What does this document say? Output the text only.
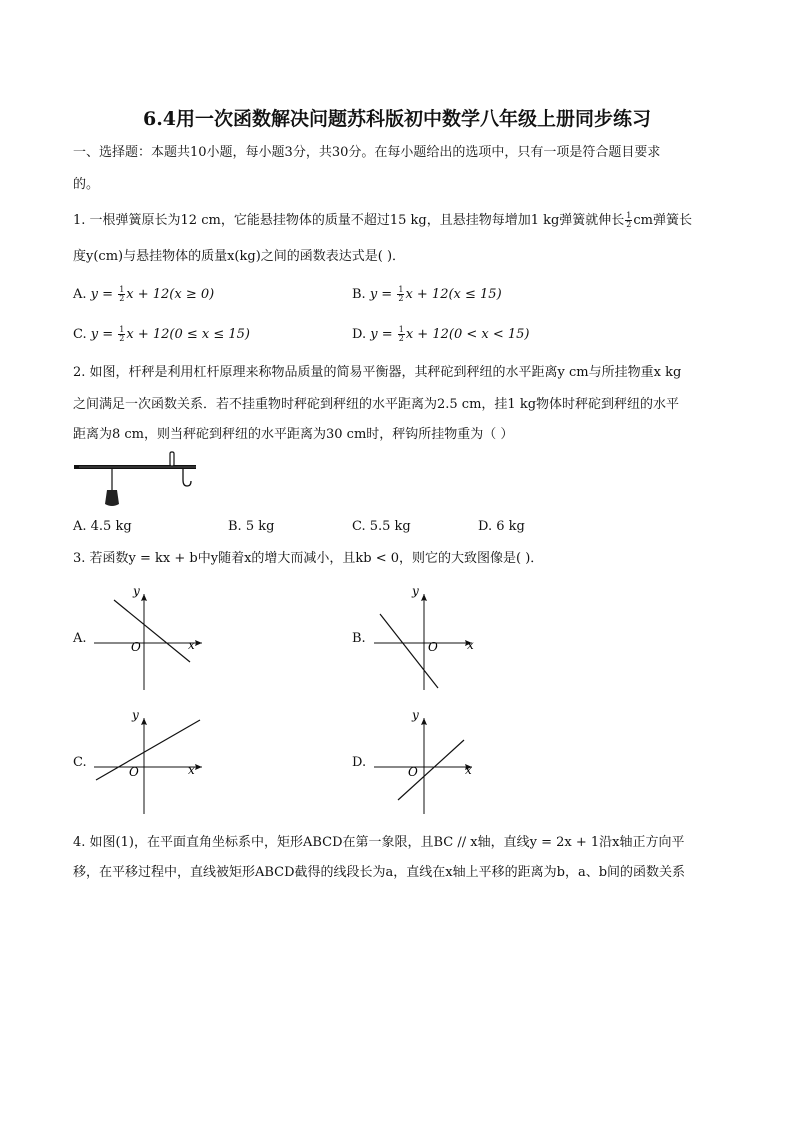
6.4用一次函数解决问题苏科版初中数学八年级上册同步练习
一、选择题：本题共10小题，每小题3分，共30分。在每小题给出的选项中，只有一项是符合题目要求
的。
1. 一根弹簧原长为12 cm，它能悬挂物体的质量不超过15 kg，且悬挂物每增加1 kg弹簧就伸长 $\frac{1}{2}$ cm弹簧长
度y(cm)与悬挂物体的质量x(kg)之间的函数表达式是( )．
A. $y = \frac{1}{2}$ x + 12(x ≥ 0)	B. $y = \frac{1}{2}$ x + 12(x ≤ 15)
C. $y = \frac{1}{2}$ x + 12(0 ≤ x ≤ 15)	D. $y = \frac{1}{2}$ x + 12(0 < x < 15)
2. 如图，杆秤是利用杠杆原理来称物品质量的简易平衡器，其秤砣到秤纽的水平距离y cm与所挂物重x kg
之间满足一次函数关系．若不挂重物时秤砣到秤纽的水平距离为2.5 cm，挂1 kg物体时秤砣到秤纽的水平
距离为8 cm，则当秤砣到秤纽的水平距离为30 cm时，秤钩所挂物重为（ ）
A. 4.5 kg	B. 5 kg	C. 5.5 kg	D. 6 kg
3. 若函数y = kx + b中y随着x的增大而减小，且kb < 0，则它的大致图像是( )．
A.
y
x
O
B.
y
x
O
C.
y
x
O
D.
y
x
O
4. 如图(1)，在平面直角坐标系中，矩形ABCD在第一象限，且BC // x轴，直线y = 2x + 1沿x轴正方向平
移，在平移过程中，直线被矩形ABCD截得的线段长为a，直线在x轴上平移的距离为b，a、b间的函数关系
